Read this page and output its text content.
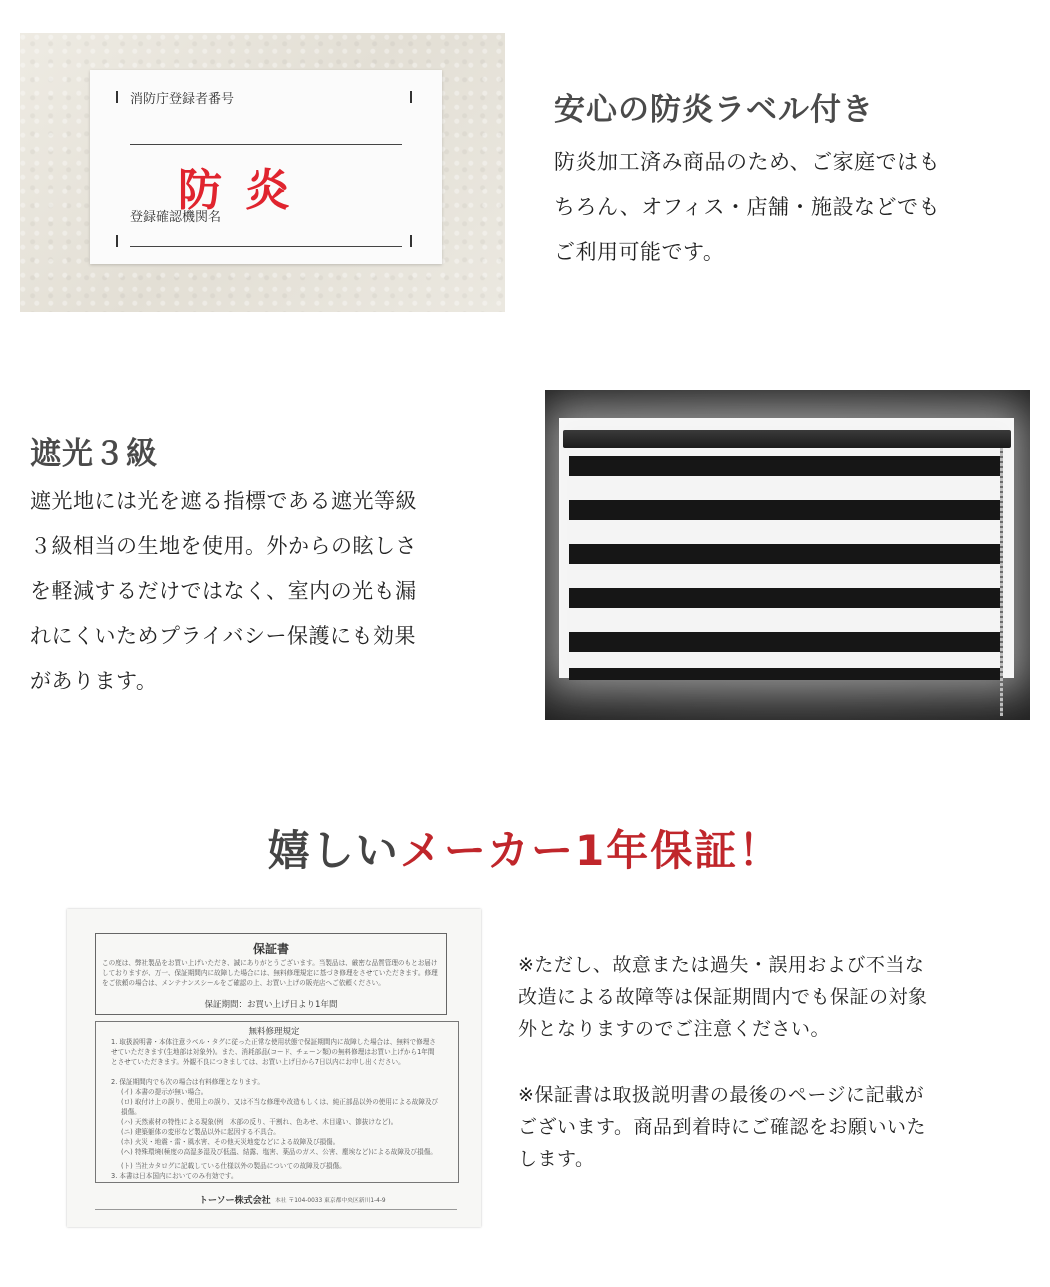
消防庁登録者番号
防 炎
登録確認機関名
安心の防炎ラベル付き
防炎加工済み商品のため、ご家庭ではも
ちろん、オフィス・店舗・施設などでも
ご利用可能です。
遮光３級
遮光地には光を遮る指標である遮光等級
３級相当の生地を使用。外からの眩しさ
を軽減するだけではなく、室内の光も漏
れにくいためプライバシー保護にも効果
があります。
嬉しいメーカー1年保証！
保証書
この度は、弊社製品をお買い上げいただき、誠にありがとうございます。当製品は、厳密な品質管理のもとお届けしておりますが、万一、保証期間内に故障した場合には、無料修理規定に基づき修理をさせていただきます。修理をご依頼の場合は、メンテナンスシールをご確認の上、お買い上げの販売店へご依頼ください。
保証期間：お買い上げ日より1年間
無料修理規定
1. 取扱説明書・本体注意ラベル・タグに従った正常な使用状態で保証期間内に故障した場合は、無料で修理させていただきます(生地部は対象外)。また、消耗部品(コード、チェーン類)の無料修理はお買い上げから1年間とさせていただきます。外観不良につきましては、お買い上げ日から7日以内にお申し出ください。
2. 保証期間内でも次の場合は有料修理となります。
(イ) 本書の提示が無い場合。
(ロ) 取付け上の誤り、使用上の誤り、又は不当な修理や改造もしくは、純正部品以外の使用による故障及び損傷。
(ハ) 天然素材の特性による現象(例　木部の反り、干割れ、色あせ、木目違い、節抜けなど)。
(ニ) 建築躯体の変形など製品以外に起因する不具合。
(ホ) 火災・地震・雷・風水害、その他天災地変などによる故障及び損傷。
(ヘ) 特殊環境(極度の高湿多湿及び低温、結露、塩害、薬品のガス、公害、塵埃など)による故障及び損傷。
(ト) 当社カタログに記載している仕様以外の製品についての故障及び損傷。
3. 本書は日本国内においてのみ有効です。
トーソー株式会社 本社 〒104-0033 東京都中央区新川1-4-9
※ただし、故意または過失・誤用および不当な
改造による故障等は保証期間内でも保証の対象
外となりますのでご注意ください。
※保証書は取扱説明書の最後のページに記載が
ございます。商品到着時にご確認をお願いいた
します。
